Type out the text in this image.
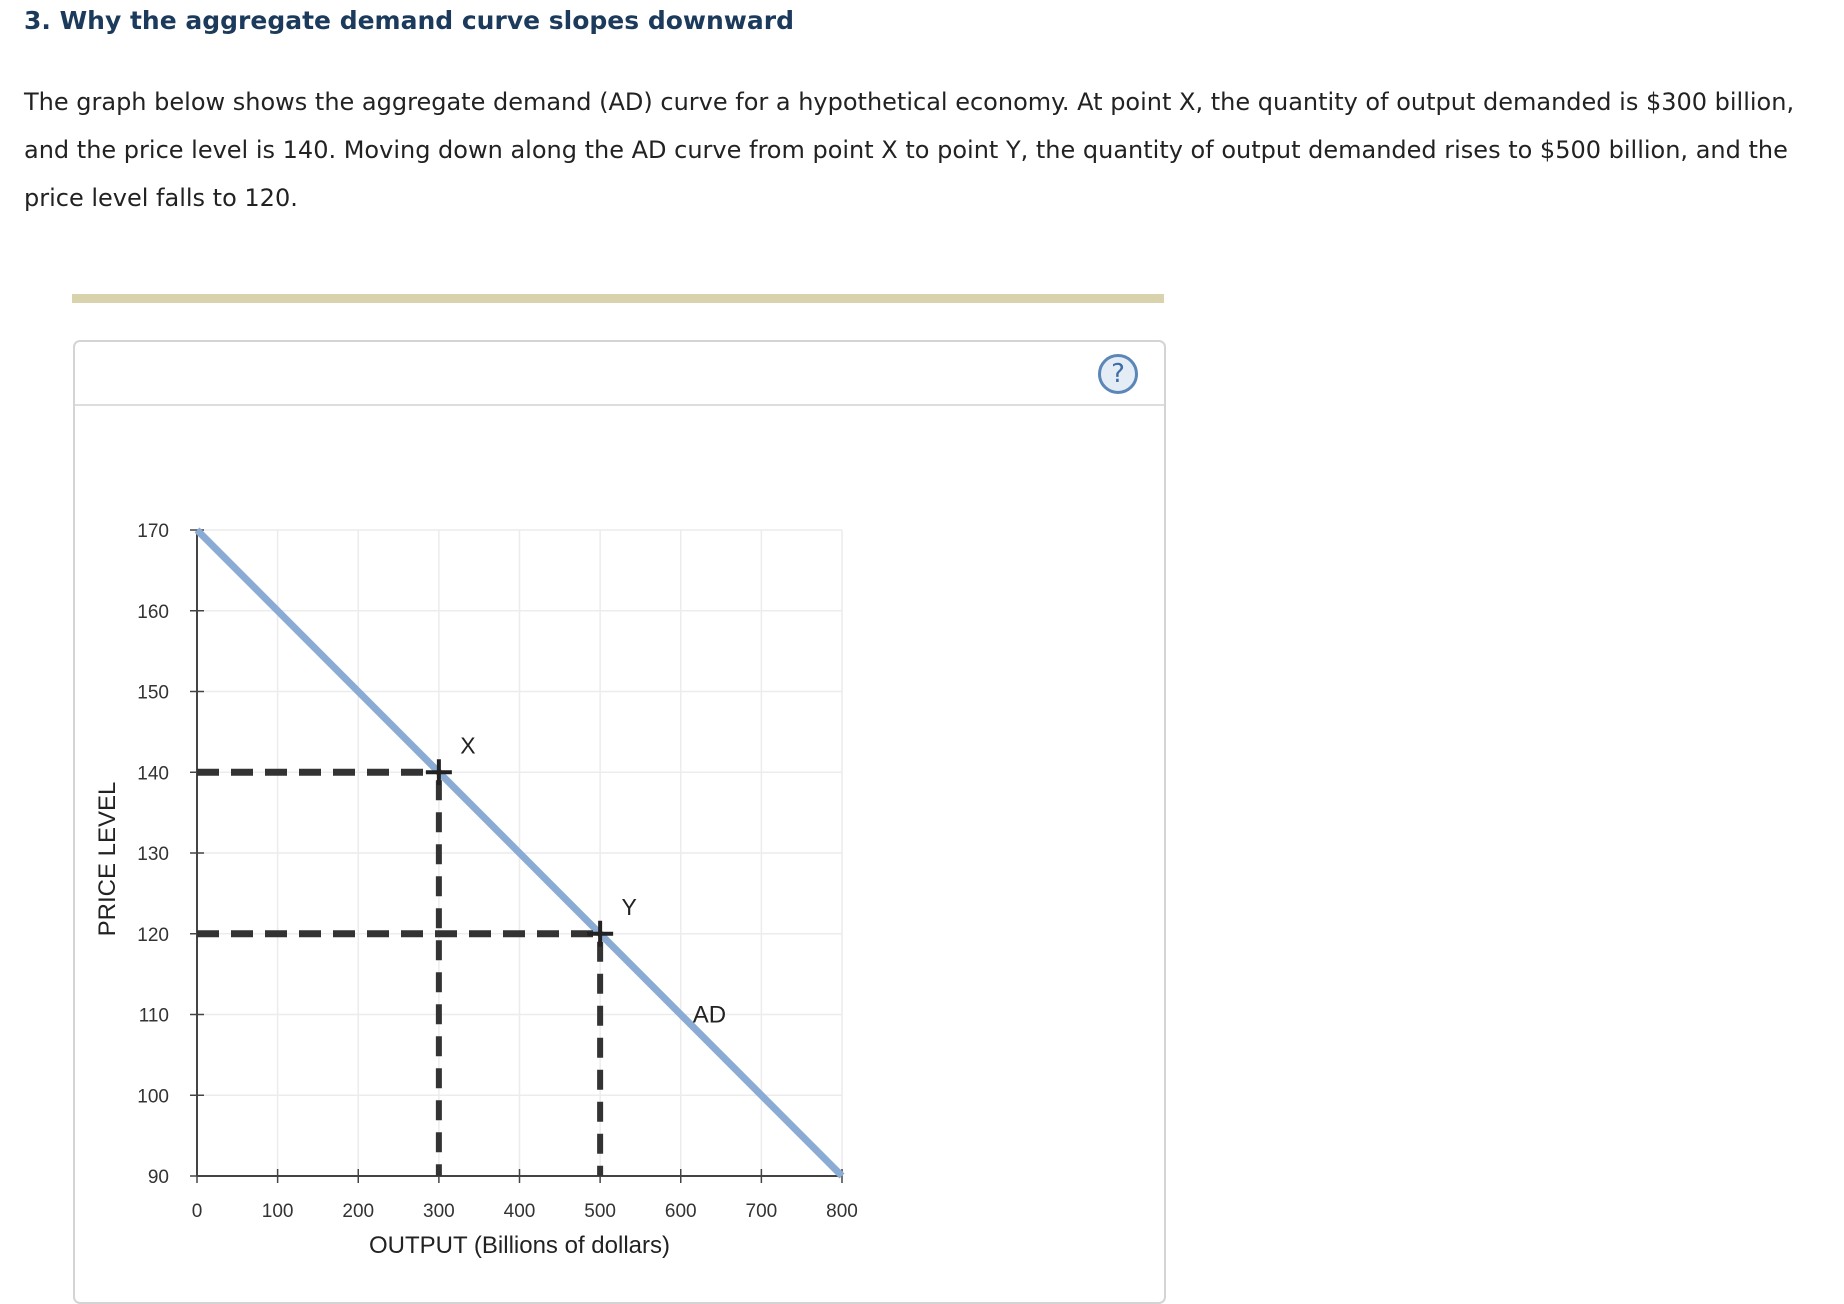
3. Why the aggregate demand curve slopes downward

The graph below shows the aggregate demand (AD) curve for a hypothetical economy. At point X, the quantity of output demanded is $300 billion, and the price level is 140. Moving down along the AD curve from point X to point Y, the quantity of output demanded rises to $500 billion, and the price level falls to 120.

?
90
100
110
120
130
140
150
160
170
0	100	200	300	400	500	600	700	800
OUTPUT (Billions of dollars)
PRICE LEVEL
AD
X
Y
